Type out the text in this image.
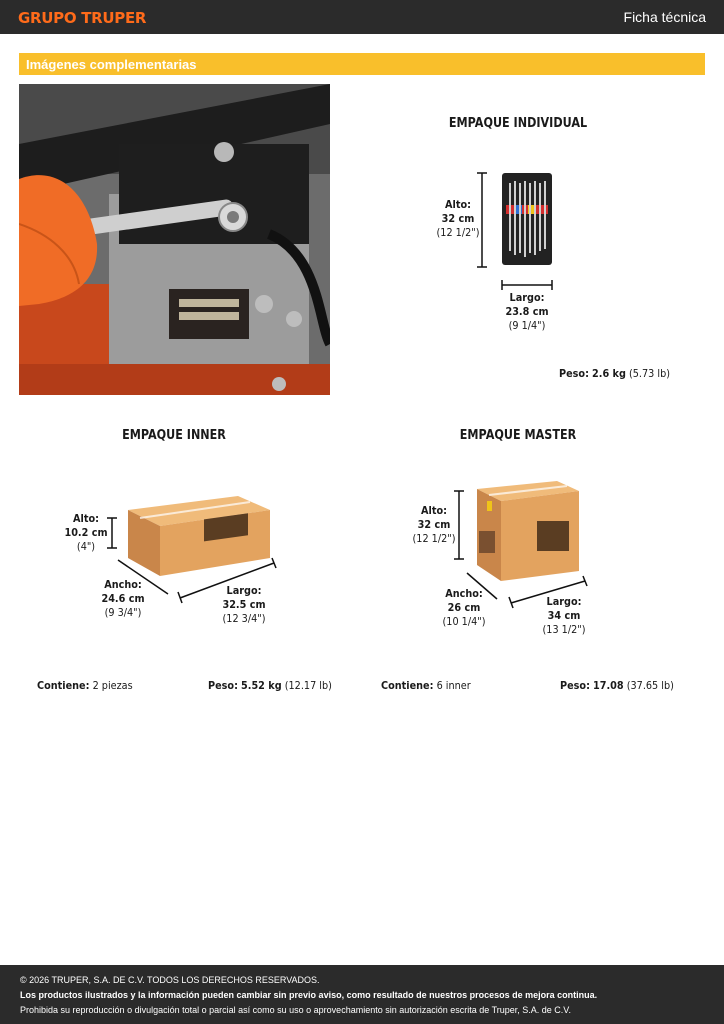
GRUPO TRUPER	Ficha técnica
Imágenes complementarias
EMPAQUE INDIVIDUAL
Alto:
32 cm
(12 1/2")
Largo:
23.8 cm
(9 1/4")
Peso: 2.6 kg (5.73 lb)
EMPAQUE INNER
Alto:
10.2 cm
(4")
Ancho:
24.6 cm
(9 3/4")
Largo:
32.5 cm
(12 3/4")
Contiene: 2 piezas	Peso: 5.52 kg (12.17 lb)
EMPAQUE MASTER
Alto:
32 cm
(12 1/2")
Ancho:
26 cm
(10 1/4")
Largo:
34 cm
(13 1/2")
Contiene: 6 inner	Peso: 17.08 (37.65 lb)
© 2026 TRUPER, S.A. DE C.V. TODOS LOS DERECHOS RESERVADOS.
Los productos ilustrados y la información pueden cambiar sin previo aviso, como resultado de nuestros procesos de mejora continua.
Prohibida su reproducción o divulgación total o parcial así como su uso o aprovechamiento sin autorización escrita de Truper, S.A. de C.V.
